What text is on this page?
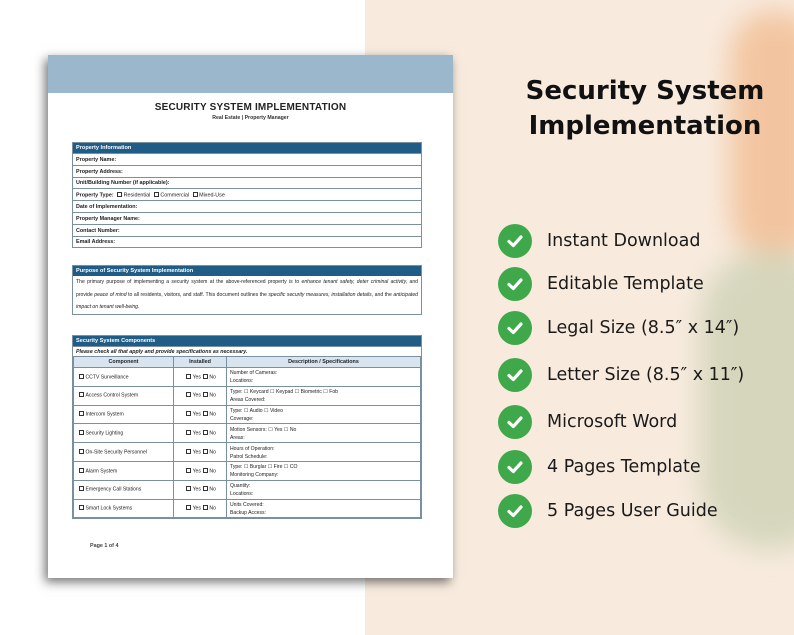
SECURITY SYSTEM IMPLEMENTATION
Real Estate | Property Manager
Property Information
Property Name:
Property Address:
Unit/Building Number (if applicable):
Property Type: Residential Commercial Mixed-Use
Date of Implementation:
Property Manager Name:
Contact Number:
Email Address:
Purpose of Security System Implementation
The primary purpose of implementing a security system at the above-referenced property is to enhance tenant safety, deter criminal activity, and provide peace of mind to all residents, visitors, and staff. This document outlines the specific security measures, installation details, and the anticipated impact on tenant well-being.
Security System Components
Please check all that apply and provide specifications as necessary.
Component	Installed	Description / Specifications
CCTV Surveillance	Yes No	Number of Cameras:
Locations:

Access Control System	Yes No	Type: ☐ Keycard ☐ Keypad ☐ Biometric ☐ Fob
Areas Covered:

Intercom System	Yes No	Type: ☐ Audio ☐ Video
Coverage:

Security Lighting	Yes No	Motion Sensors: ☐ Yes ☐ No
Areas:

On-Site Security Personnel	Yes No	Hours of Operation:
Patrol Schedule:

Alarm System	Yes No	Type: ☐ Burglar ☐ Fire ☐ CO
Monitoring Company:

Emergency Call Stations	Yes No	Quantity:
Locations:

Smart Lock Systems	Yes No	Units Covered:
Backup Access:
Page 1 of 4
Security System
Implementation
Instant Download
Editable Template
Legal Size (8.5″ x 14″)
Letter Size (8.5″ x 11″)
Microsoft Word
4 Pages Template
5 Pages User Guide
